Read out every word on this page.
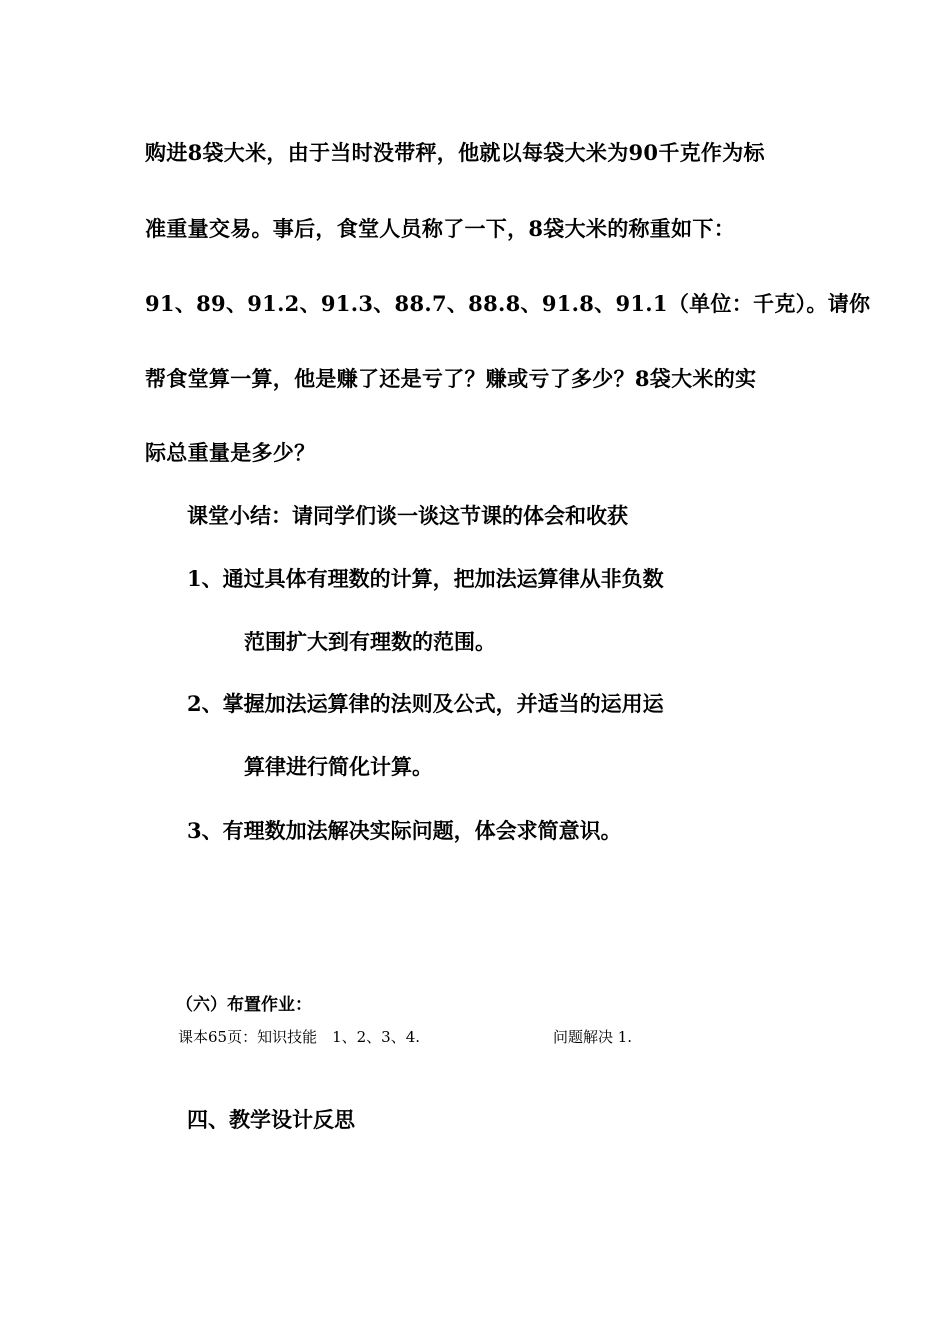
购进8袋大米，由于当时没带秤，他就以每袋大米为90千克作为标

准重量交易。事后，食堂人员称了一下，8袋大米的称重如下：

91、89、91.2、91.3、88.7、88.8、91.8、91.1（单位：千克）。请你

帮食堂算一算，他是赚了还是亏了？赚或亏了多少？8袋大米的实

际总重量是多少？

课堂小结：请同学们谈一谈这节课的体会和收获

1、通过具体有理数的计算，把加法运算律从非负数

范围扩大到有理数的范围。

2、掌握加法运算律的法则及公式，并适当的运用运

算律进行简化计算。

3、有理数加法解决实际问题，体会求简意识。

（六）布置作业：

课本65页：知识技能　1、2、3、4.	问题解决 1.

四、教学设计反思
